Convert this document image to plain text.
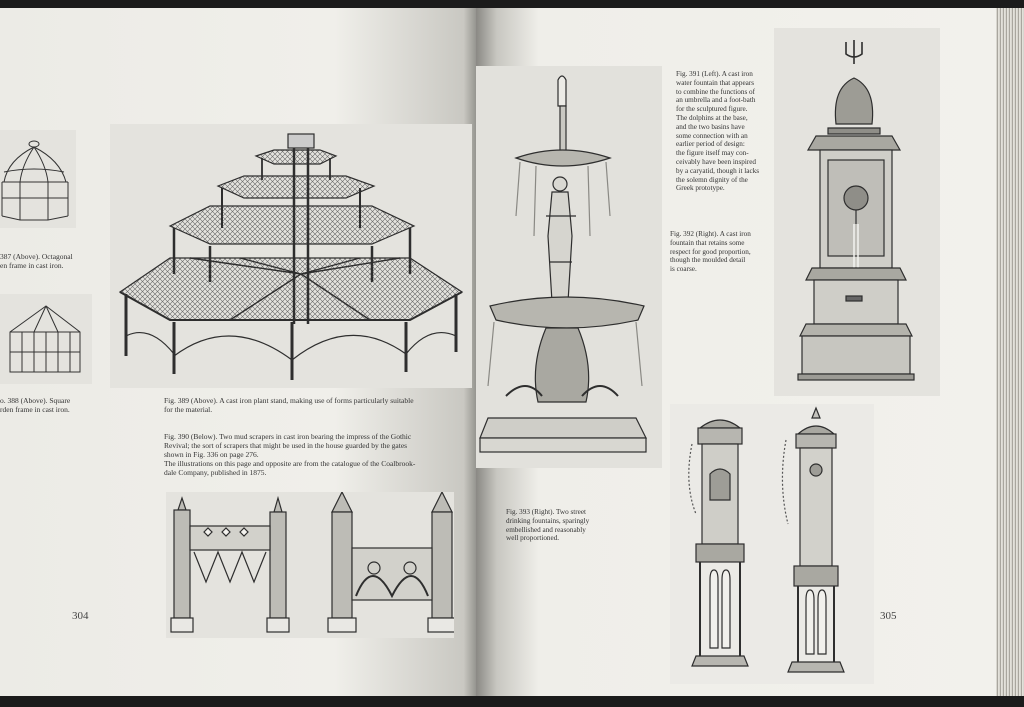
387 (Above). Octagonal
en frame in cast iron.
o. 388 (Above). Square
rden frame in cast iron.
Fig. 389 (Above). A cast iron plant stand, making use of forms particularly suitable
for the material.
Fig. 390 (Below). Two mud scrapers in cast iron bearing the impress of the Gothic
Revival; the sort of scrapers that might be used in the house guarded by the gates
shown in Fig. 336 on page 276.
The illustrations on this page and opposite are from the catalogue of the Coalbrook-
dale Company, published in 1875.
304
Fig. 391 (Left). A cast iron
water fountain that appears
to combine the functions of
an umbrella and a foot-bath
for the sculptured figure.
The dolphins at the base,
and the two basins have
some connection with an
earlier period of design:
the figure itself may con-
ceivably have been inspired
by a caryatid, though it lacks
the solemn dignity of the
Greek prototype.
Fig. 392 (Right). A cast iron
fountain that retains some
respect for good proportion,
though the moulded detail
is coarse.
Fig. 393 (Right). Two street
drinking fountains, sparingly
embellished and reasonably
well proportioned.
305
